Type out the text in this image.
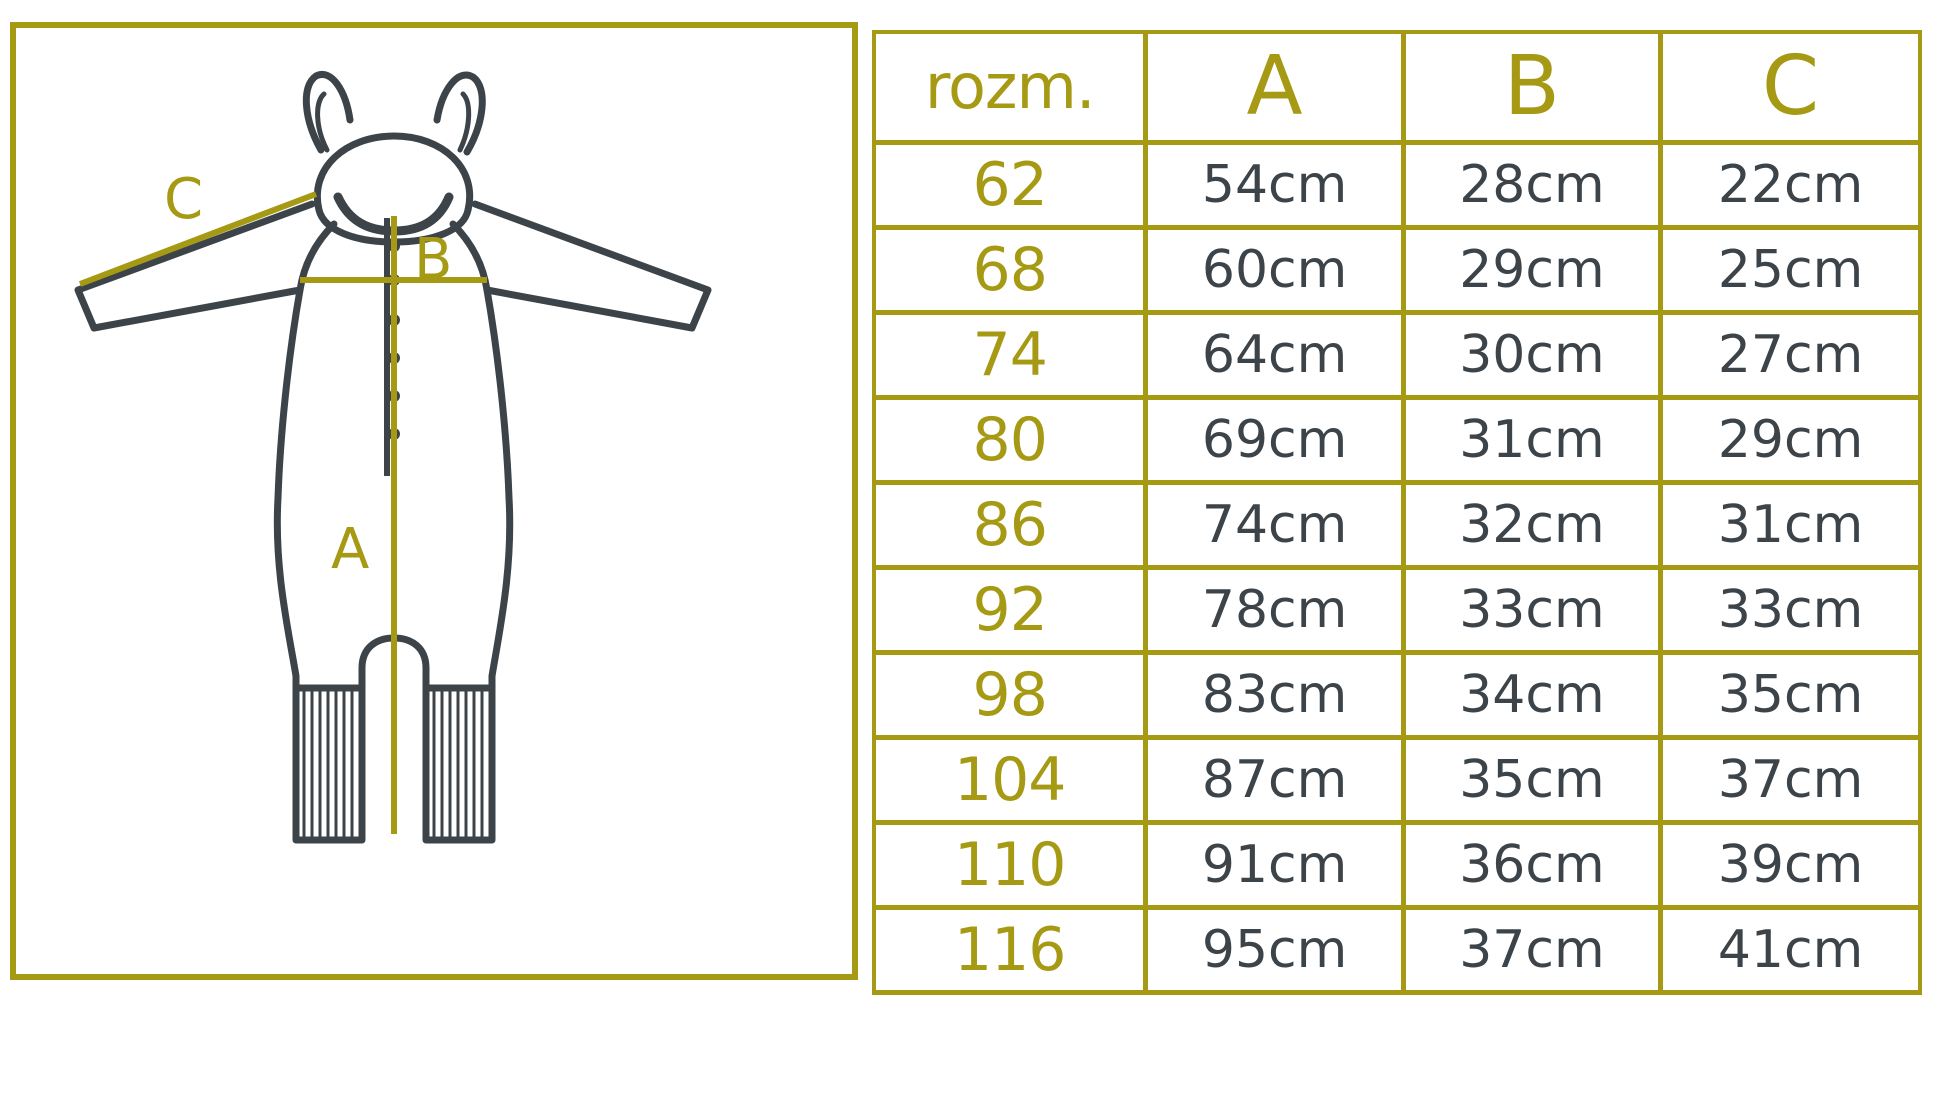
A
B
C
rozm.	A	B	C
62	54cm	28cm	22cm
68	60cm	29cm	25cm
74	64cm	30cm	27cm
80	69cm	31cm	29cm
86	74cm	32cm	31cm
92	78cm	33cm	33cm
98	83cm	34cm	35cm
104	87cm	35cm	37cm
110	91cm	36cm	39cm
116	95cm	37cm	41cm
